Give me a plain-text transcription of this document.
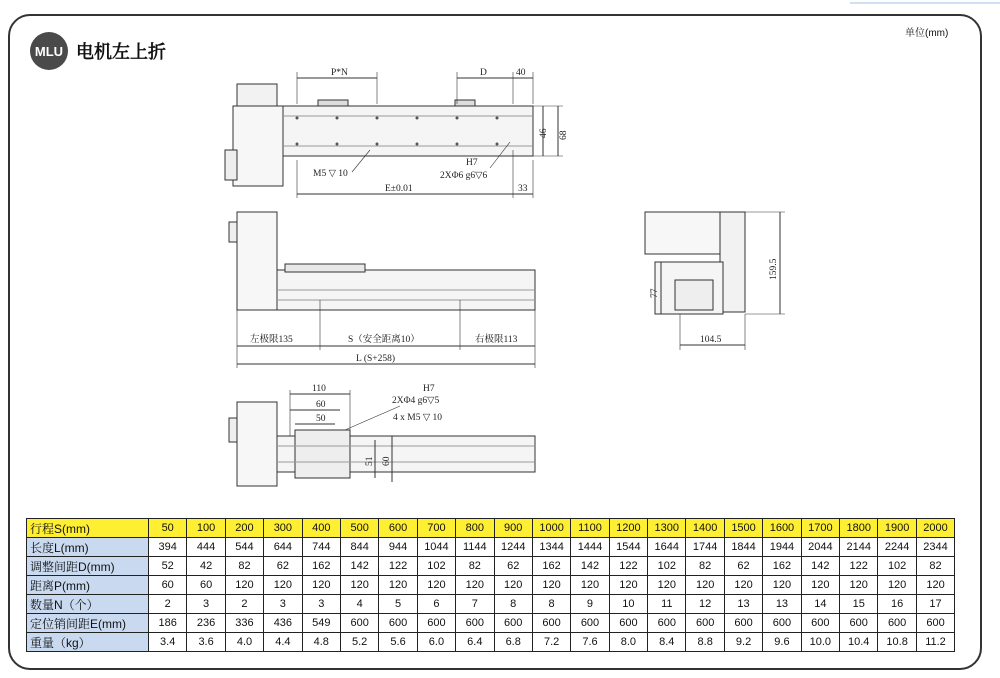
MLU 电机左上折
单位(mm)
P*N	D	40
46 68
M5 ▽ 10
H7
2XΦ6 g6▽6
E±0.01	33
左极限135	S（安全距离10）	右极限113
L (S+258)
159.5
77
104.5
110
60
50
H7
2XΦ4 g6▽5
4 x M5 ▽ 10
51 60
行程S(mm)	50	100	200	300	400	500	600	700	800	900	1000	1100	1200	1300	1400	1500	1600	1700	1800	1900	2000
长度L(mm)	394	444	544	644	744	844	944	1044	1144	1244	1344	1444	1544	1644	1744	1844	1944	2044	2144	2244	2344
调整间距D(mm)	52	42	82	62	162	142	122	102	82	62	162	142	122	102	82	62	162	142	122	102	82
距离P(mm)	60	60	120	120	120	120	120	120	120	120	120	120	120	120	120	120	120	120	120	120	120
数量N（个）	2	3	2	3	3	4	5	6	7	8	8	9	10	11	12	13	13	14	15	16	17
定位销间距E(mm)	186	236	336	436	549	600	600	600	600	600	600	600	600	600	600	600	600	600	600	600	600
重量（kg）	3.4	3.6	4.0	4.4	4.8	5.2	5.6	6.0	6.4	6.8	7.2	7.6	8.0	8.4	8.8	9.2	9.6	10.0	10.4	10.8	11.2
